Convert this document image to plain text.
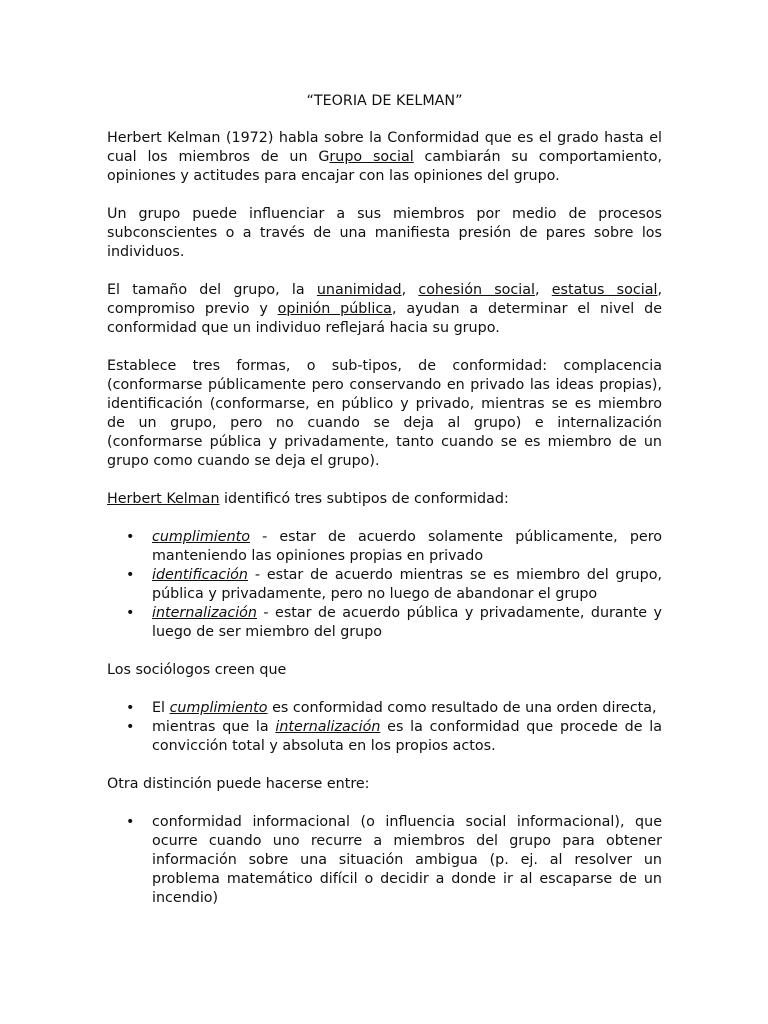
“TEORIA DE KELMAN”

Herbert Kelman (1972) habla sobre la Conformidad que es el grado hasta el cual los miembros de un Grupo social cambiarán su comportamiento, opiniones y actitudes para encajar con las opiniones del grupo.

Un grupo puede influenciar a sus miembros por medio de procesos subconscientes o a través de una manifiesta presión de pares sobre los individuos.

El tamaño del grupo, la unanimidad, cohesión social, estatus social, compromiso previo y opinión pública, ayudan a determinar el nivel de conformidad que un individuo reflejará hacia su grupo.

Establece tres formas, o sub-tipos, de conformidad: complacencia (conformarse públicamente pero conservando en privado las ideas propias), identificación (conformarse, en público y privado, mientras se es miembro de un grupo, pero no cuando se deja al grupo) e internalización (conformarse pública y privadamente, tanto cuando se es miembro de un grupo como cuando se deja el grupo).

Herbert Kelman identificó tres subtipos de conformidad:

• cumplimiento - estar de acuerdo solamente públicamente, pero manteniendo las opiniones propias en privado
• identificación - estar de acuerdo mientras se es miembro del grupo, pública y privadamente, pero no luego de abandonar el grupo
• internalización - estar de acuerdo pública y privadamente, durante y luego de ser miembro del grupo

Los sociólogos creen que

• El cumplimiento es conformidad como resultado de una orden directa,
• mientras que la internalización es la conformidad que procede de la convicción total y absoluta en los propios actos.

Otra distinción puede hacerse entre:

• conformidad informacional (o influencia social informacional), que ocurre cuando uno recurre a miembros del grupo para obtener información sobre una situación ambigua (p. ej. al resolver un problema matemático difícil o decidir a donde ir al escaparse de un incendio)
